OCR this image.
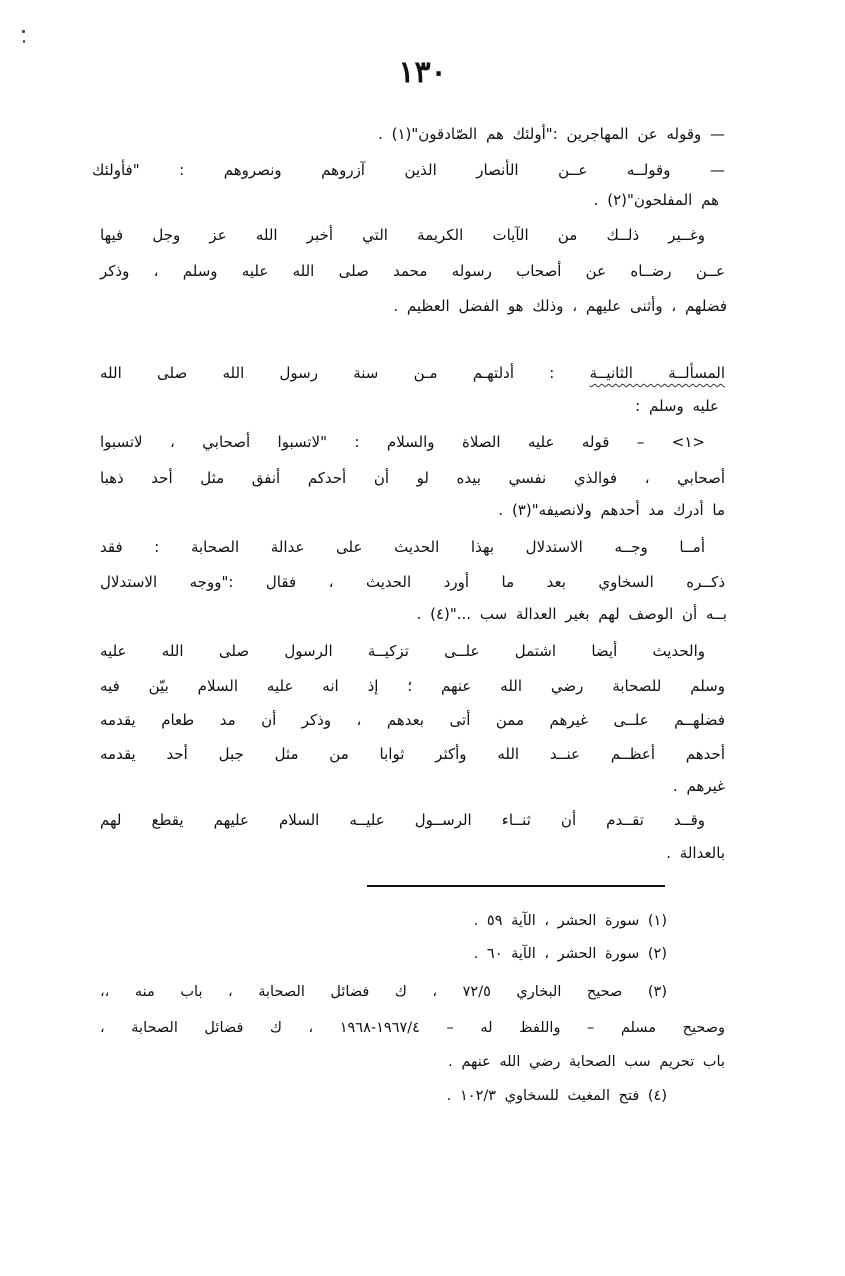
١٣٠
— وقوله عن المهاجرين :"أولئك هم الصّادقون"(١) .
— وقولــه عــن الأنصار الذين آزروهم ونصروهم : "فأولئك
هم المفلحون"(٢) .
وغــير ذلــك من الآيات الكريمة التي أخبر الله عز وجل فيها
عــن رضــاه عن أصحاب رسوله محمد صلى الله عليه وسلم ، وذكر
فضلهم ، وأثنى عليهم ، وذلك هو الفضل العظيم .
المسألــة الثانيــة : أدلتهـم مـن سنة رسول الله صلى الله
عليه وسلم :
<١> – قوله عليه الصلاة والسلام : "لاتسبوا أصحابي ، لاتسبوا
أصحابي ، فوالذي نفسي بيده لو أن أحدكم أنفق مثل أحد ذهبا
ما أدرك مد أحدهم ولانصيفه"(٣) .
أمــا وجــه الاستدلال بهذا الحديث على عدالة الصحابة : فقد
ذكــره السخاوي بعد ما أورد الحديث ، فقال :"ووجه الاستدلال
بــه أن الوصف لهم بغير العدالة سب ..."(٤) .
والحديث أيضا اشتمل علــى تزكيــة الرسول صلى الله عليه
وسلم للصحابة رضي الله عنهم ؛ إذ انه عليه السلام بيّن فيه
فضلهــم علــى غيرهم ممن أتى بعدهم ، وذكر أن مد طعام يقدمه
أحدهم أعظــم عنــد الله وأكثر ثوابا من مثل جبل أحد يقدمه
غيرهم .
وقــد تقــدم أن ثنــاء الرســول عليــه السلام عليهم يقطع لهم
بالعدالة .
(١) سورة الحشر ، الآية ٥٩ .
(٢) سورة الحشر ، الآية ٦٠ .
(٣) صحيح البخاري ٧٢/٥ ، ك فضائل الصحابة ، باب منه ،،
وصحيح مسلم – واللفظ له – ١٩٦٧/٤-١٩٦٨ ، ك فضائل الصحابة ،
باب تحريم سب الصحابة رضي الله عنهم .
(٤) فتح المغيث للسخاوي ١٠٢/٣ .
